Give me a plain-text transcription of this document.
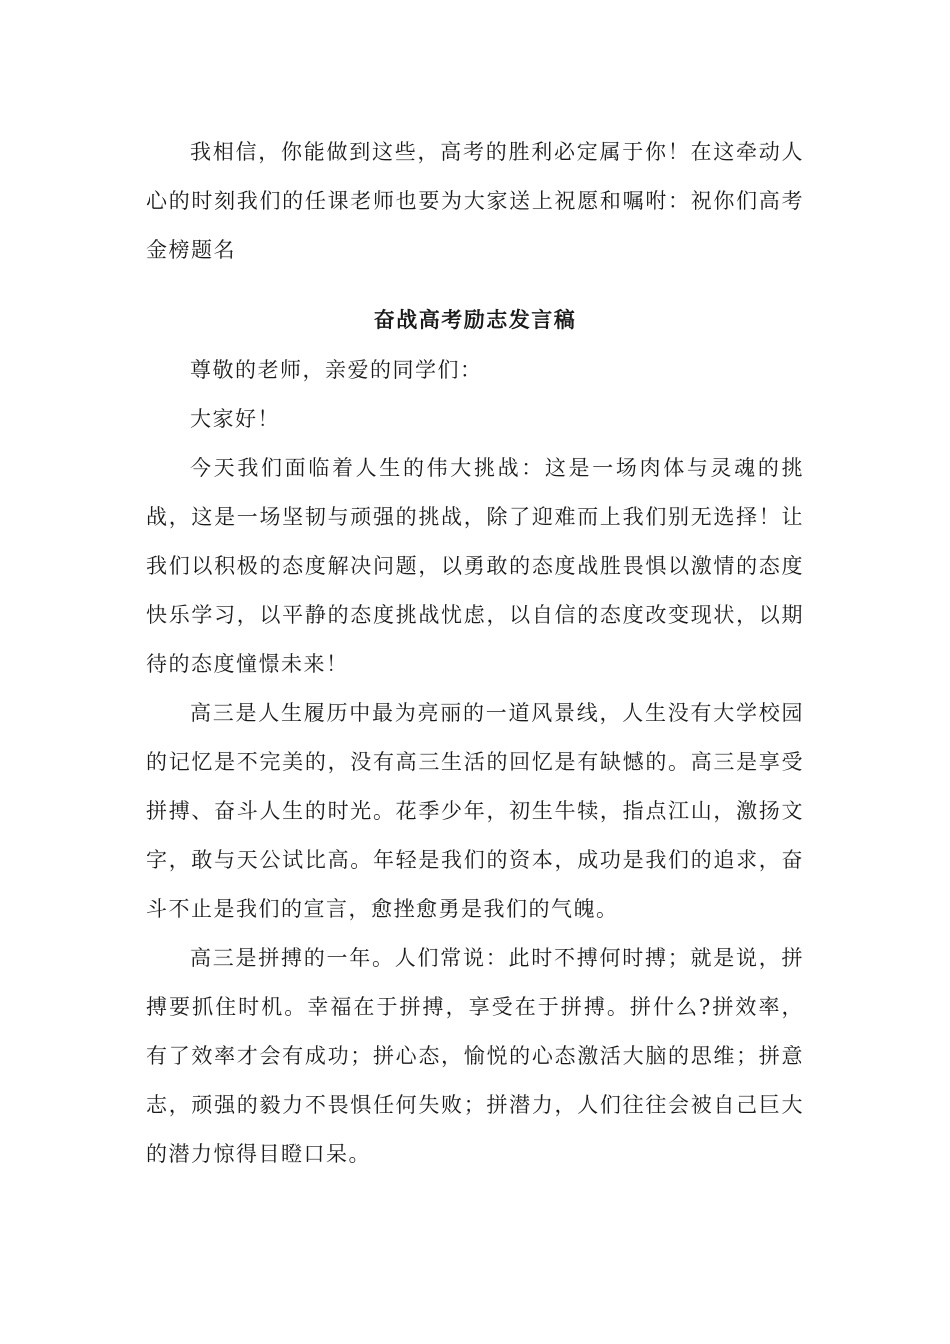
我相信，你能做到这些，高考的胜利必定属于你！在这牵动人心的时刻我们的任课老师也要为大家送上祝愿和嘱咐：祝你们高考金榜题名

奋战高考励志发言稿

尊敬的老师，亲爱的同学们：

大家好！

今天我们面临着人生的伟大挑战：这是一场肉体与灵魂的挑战，这是一场坚韧与顽强的挑战，除了迎难而上我们别无选择！让我们以积极的态度解决问题，以勇敢的态度战胜畏惧以激情的态度快乐学习，以平静的态度挑战忧虑，以自信的态度改变现状，以期待的态度憧憬未来！

高三是人生履历中最为亮丽的一道风景线，人生没有大学校园的记忆是不完美的，没有高三生活的回忆是有缺憾的。高三是享受拼搏、奋斗人生的时光。花季少年，初生牛犊，指点江山，激扬文字，敢与天公试比高。年轻是我们的资本，成功是我们的追求，奋斗不止是我们的宣言，愈挫愈勇是我们的气魄。

高三是拼搏的一年。人们常说：此时不搏何时搏；就是说，拼搏要抓住时机。幸福在于拼搏，享受在于拼搏。拼什么?拼效率，有了效率才会有成功；拼心态，愉悦的心态激活大脑的思维；拼意志，顽强的毅力不畏惧任何失败；拼潜力，人们往往会被自己巨大的潜力惊得目瞪口呆。
